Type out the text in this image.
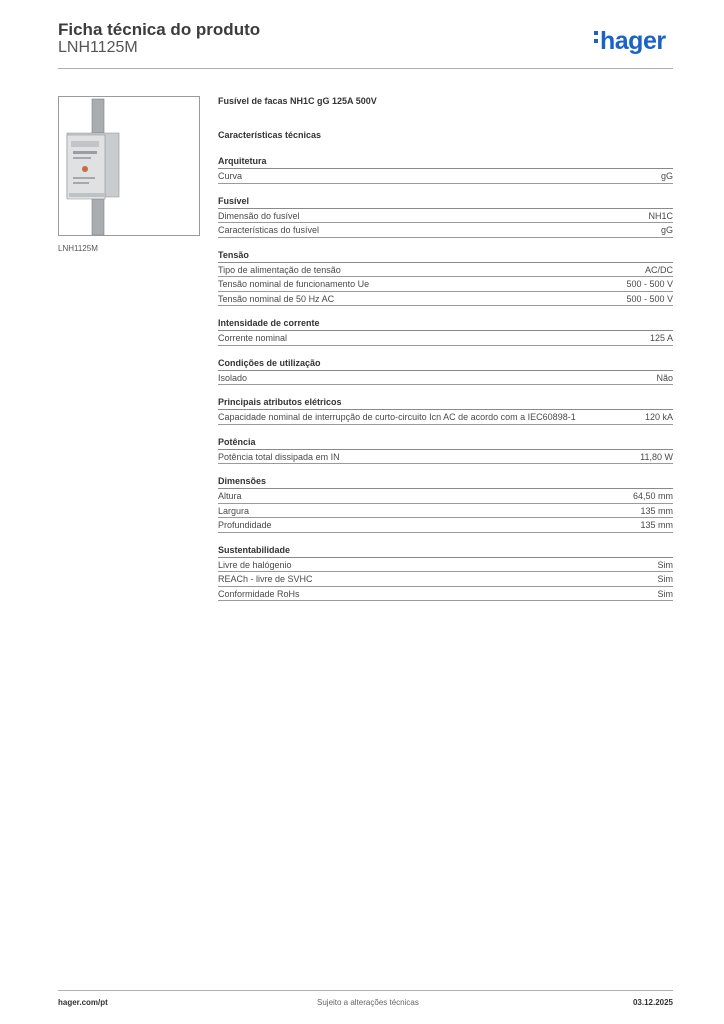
Ficha técnica do produto
LNH1125M	hager
LNH1125M
Fusível de facas NH1C gG 125A 500V
Características técnicas
Arquitetura
Curva	gG
Fusível
Dimensão do fusível	NH1C
Características do fusível	gG
Tensão
Tipo de alimentação de tensão	AC/DC
Tensão nominal de funcionamento Ue	500 - 500 V
Tensão nominal de 50 Hz AC	500 - 500 V
Intensidade de corrente
Corrente nominal	125 A
Condições de utilização
Isolado	Não
Principais atributos elétricos
Capacidade nominal de interrupção de curto-circuito Icn AC de acordo com a IEC60898-1	120 kA
Potência
Potência total dissipada em IN	11,80 W
Dimensões
Altura	64,50 mm
Largura	135 mm
Profundidade	135 mm
Sustentabilidade
Livre de halógenio	Sim
REACh - livre de SVHC	Sim
Conformidade RoHs	Sim
hager.com/pt	Sujeito a alterações técnicas	03.12.2025
